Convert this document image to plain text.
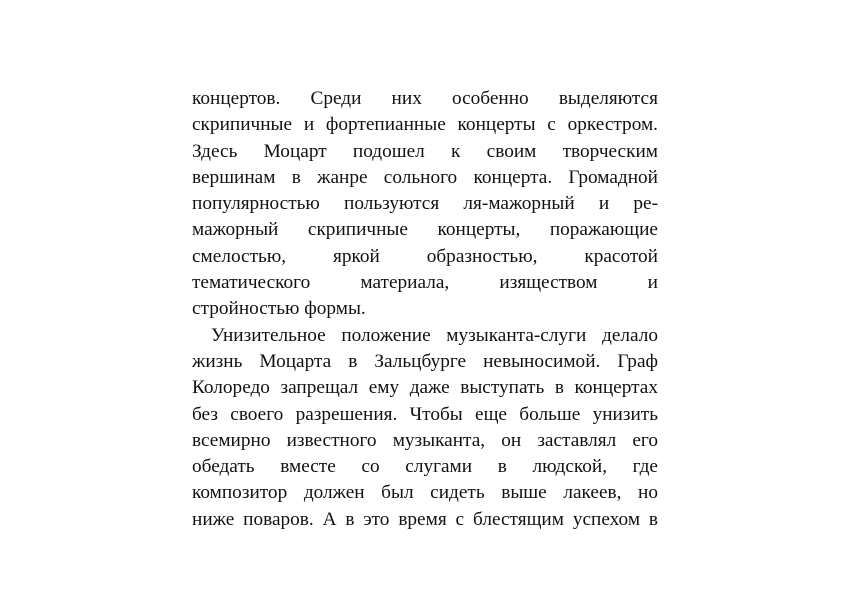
концертов. Среди них особенно выделяются
скрипичные и фортепианные концерты с оркестром.
Здесь Моцарт подошел к своим творческим
вершинам в жанре сольного концерта. Громадной
популярностью пользуются ля-мажорный и ре-
мажорный скрипичные концерты, поражающие
смелостью, яркой образностью, красотой
тематического материала, изяществом и
стройностью формы.

Унизительное положение музыканта-слуги делало
жизнь Моцарта в Зальцбурге невыносимой. Граф
Колоредо запрещал ему даже выступать в концертах
без своего разрешения. Чтобы еще больше унизить
всемирно известного музыканта, он заставлял его
обедать вместе со слугами в людской, где
композитор должен был сидеть выше лакеев, но
ниже поваров. А в это время с блестящим успехом в
